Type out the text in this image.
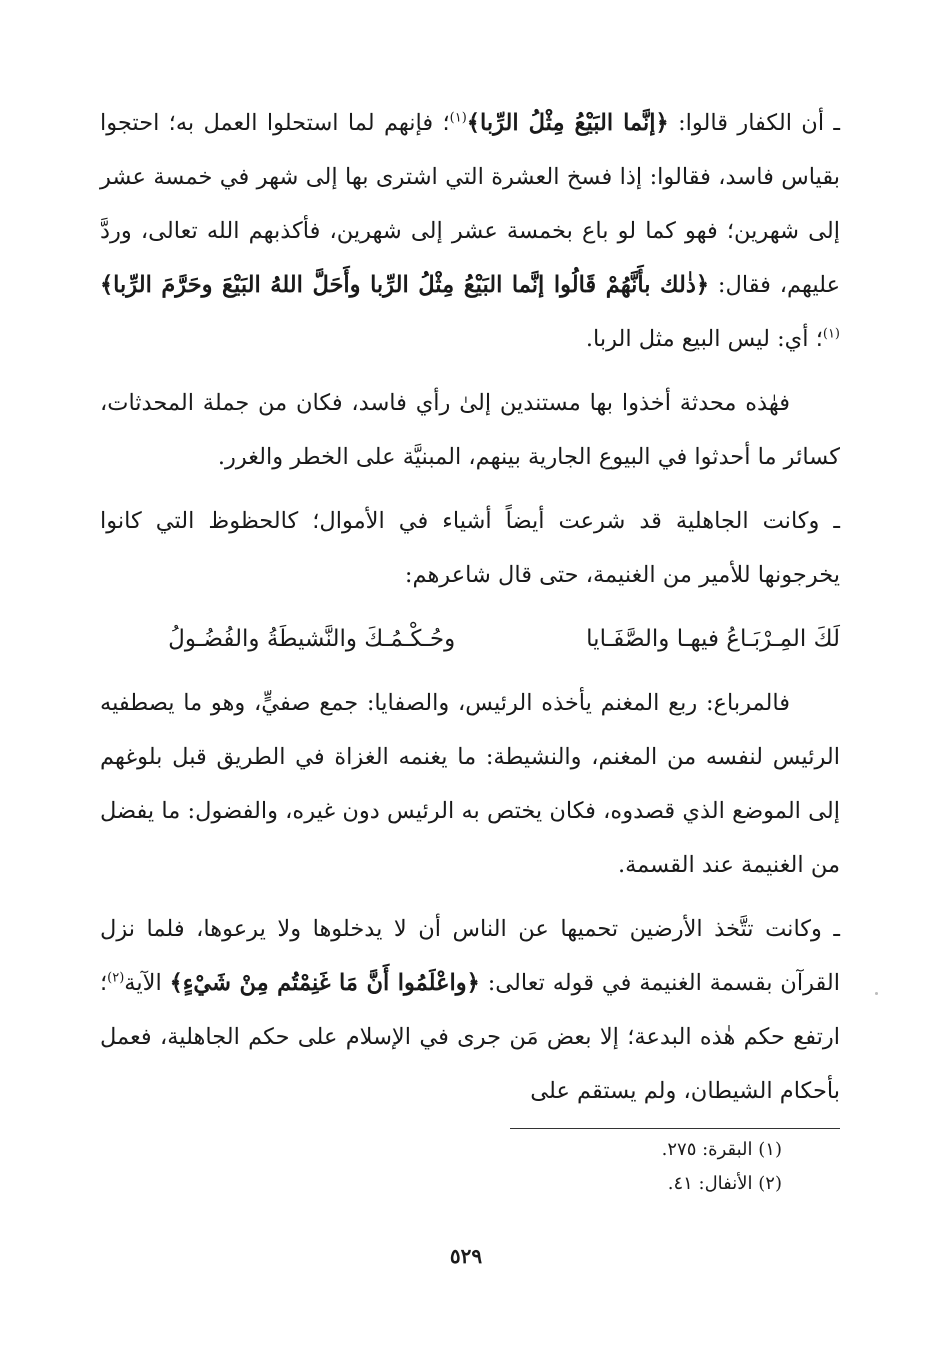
ـ أن الكفار قالوا: ﴿إنَّما البَيْعُ مِثْلُ الرِّبا﴾$^{(١)}$؛ فإنهم لما استحلوا العمل به؛ احتجوا بقياس فاسد، فقالوا: إذا فسخ العشرة التي اشترى بها إلى شهر في خمسة عشر إلى شهرين؛ فهو كما لو باع بخمسة عشر إلى شهرين، فأكذبهم الله تعالى، وردَّ عليهم، فقال: ﴿ذٰلك بأَنَّهُمْ قَالُوا إنَّما البَيْعُ مِثْلُ الرِّبا وأَحَلَّ اللهُ البَيْعَ وحَرَّمَ الرِّبا﴾$^{(١)}$؛ أي: ليس البيع مثل الربا.

فهٰذه محدثة أخذوا بها مستندين إلىٰ رأي فاسد، فكان من جملة المحدثات، كسائر ما أحدثوا في البيوع الجارية بينهم، المبنيَّة على الخطر والغرر.

ـ وكانت الجاهلية قد شرعت أيضاً أشياء في الأموال؛ كالحظوظ التي كانوا يخرجونها للأمير من الغنيمة، حتى قال شاعرهم:

لَكَ المِـرْبَـاعُ فيهـا والصَّفَـايا
وحُـكْـمُـكَ والنَّشيطَةُ والفُضُـولُ

فالمرباع: ربع المغنم يأخذه الرئيس، والصفايا: جمع صفيٍّ، وهو ما يصطفيه الرئيس لنفسه من المغنم، والنشيطة: ما يغنمه الغزاة في الطريق قبل بلوغهم إلى الموضع الذي قصدوه، فكان يختص به الرئيس دون غيره، والفضول: ما يفضل من الغنيمة عند القسمة.

ـ وكانت تتَّخذ الأرضين تحميها عن الناس أن لا يدخلوها ولا يرعوها، فلما نزل القرآن بقسمة الغنيمة في قوله تعالى: ﴿واعْلَمُوا أَنَّ مَا غَنِمْتُم مِنْ شَيْءٍ﴾ الآية$^{(٢)}$؛ ارتفع حكم هٰذه البدعة؛ إلا بعض مَن جرى في الإسلام على حكم الجاهلية، فعمل بأحكام الشيطان، ولم يستقم على

(١) البقرة: ٢٧٥.
(٢) الأنفال: ٤١.
٥٢٩
